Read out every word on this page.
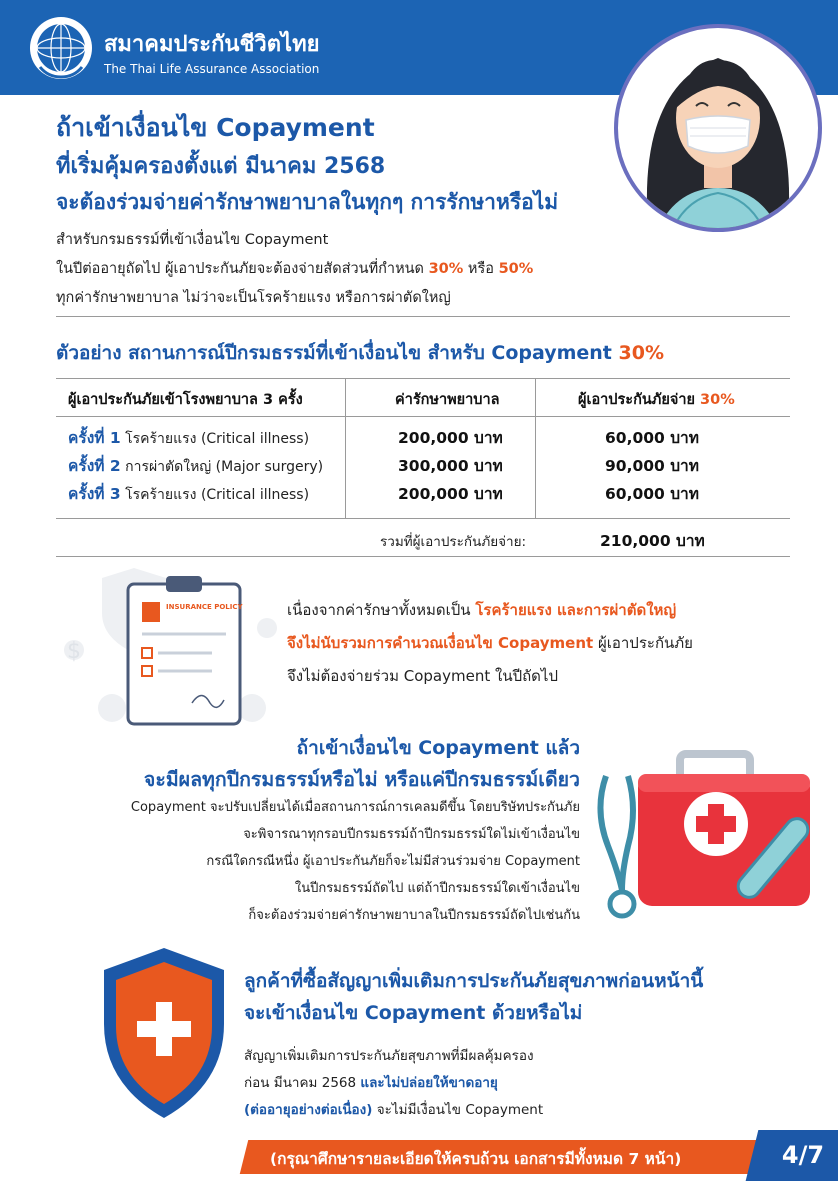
สมาคมประกันชีวิตไทย
The Thai Life Assurance Association
ถ้าเข้าเงื่อนไข Copayment
ที่เริ่มคุ้มครองตั้งแต่ มีนาคม 2568
จะต้องร่วมจ่ายค่ารักษาพยาบาลในทุกๆ การรักษาหรือไม่
สำหรับกรมธรรม์ที่เข้าเงื่อนไข Copayment
ในปีต่ออายุถัดไป ผู้เอาประกันภัยจะต้องจ่ายสัดส่วนที่กำหนด 30% หรือ 50%
ทุกค่ารักษาพยาบาล ไม่ว่าจะเป็นโรคร้ายแรง หรือการผ่าตัดใหญ่
ตัวอย่าง สถานการณ์ปีกรมธรรม์ที่เข้าเงื่อนไข สำหรับ Copayment 30%
ผู้เอาประกันภัยเข้าโรงพยาบาล 3 ครั้ง	ค่ารักษาพยาบาล	ผู้เอาประกันภัยจ่าย 30%
ครั้งที่ 1 โรคร้ายแรง (Critical illness)	200,000 บาท	60,000 บาท
ครั้งที่ 2 การผ่าตัดใหญ่ (Major surgery)	300,000 บาท	90,000 บาท
ครั้งที่ 3 โรคร้ายแรง (Critical illness)	200,000 บาท	60,000 บาท
รวมที่ผู้เอาประกันภัยจ่าย:	210,000 บาท
$
INSURANCE POLICY	เนื่องจากค่ารักษาทั้งหมดเป็น โรคร้ายแรง และการผ่าตัดใหญ่
จึงไม่นับรวมการคำนวณเงื่อนไข Copayment ผู้เอาประกันภัย
จึงไม่ต้องจ่ายร่วม Copayment ในปีถัดไป
ถ้าเข้าเงื่อนไข Copayment แล้ว
จะมีผลทุกปีกรมธรรม์หรือไม่ หรือแค่ปีกรมธรรม์เดียว
Copayment จะปรับเปลี่ยนได้เมื่อสถานการณ์การเคลมดีขึ้น โดยบริษัทประกันภัย
จะพิจารณาทุกรอบปีกรมธรรม์ถ้าปีกรมธรรม์ใดไม่เข้าเงื่อนไข
กรณีใดกรณีหนึ่ง ผู้เอาประกันภัยก็จะไม่มีส่วนร่วมจ่าย Copayment
ในปีกรมธรรม์ถัดไป แต่ถ้าปีกรมธรรม์ใดเข้าเงื่อนไข
ก็จะต้องร่วมจ่ายค่ารักษาพยาบาลในปีกรมธรรม์ถัดไปเช่นกัน
ลูกค้าที่ซื้อสัญญาเพิ่มเติมการประกันภัยสุขภาพก่อนหน้านี้
จะเข้าเงื่อนไข Copayment ด้วยหรือไม่
สัญญาเพิ่มเติมการประกันภัยสุขภาพที่มีผลคุ้มครอง
ก่อน มีนาคม 2568 และไม่ปล่อยให้ขาดอายุ
(ต่ออายุอย่างต่อเนื่อง) จะไม่มีเงื่อนไข Copayment
(กรุณาศึกษารายละเอียดให้ครบถ้วน เอกสารมีทั้งหมด 7 หน้า)	4/7
